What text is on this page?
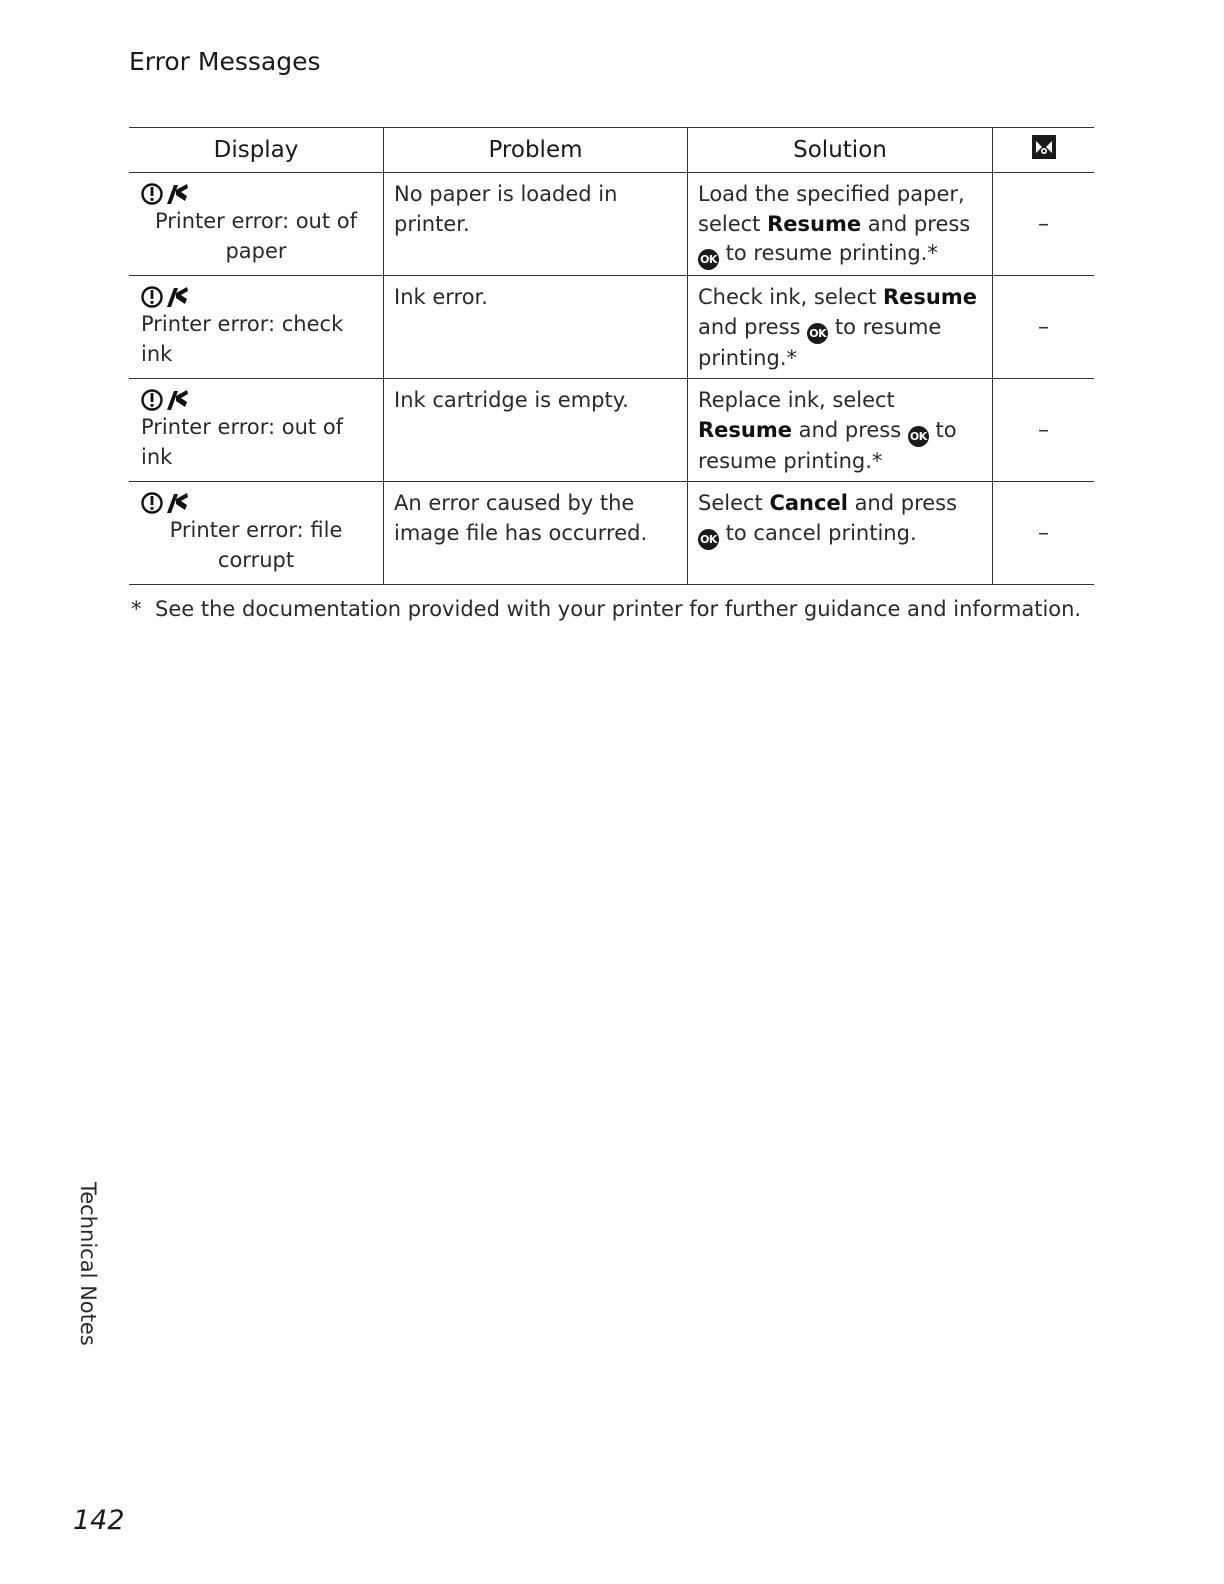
Error Messages
Display	Problem	Solution	

Printer error: out of paper	No paper is loaded in printer.	Load the specified paper, select Resume and press OK to resume printing.*	–

Printer error: check ink	Ink error.	Check ink, select Resume and press OK to resume printing.*	–

Printer error: out of ink	Ink cartridge is empty.	Replace ink, select Resume and press OK to resume printing.*	–

Printer error: file corrupt	An error caused by the image file has occurred.	Select Cancel and press OK to cancel printing.	–
* See the documentation provided with your printer for further guidance and information.
Technical Notes
142
